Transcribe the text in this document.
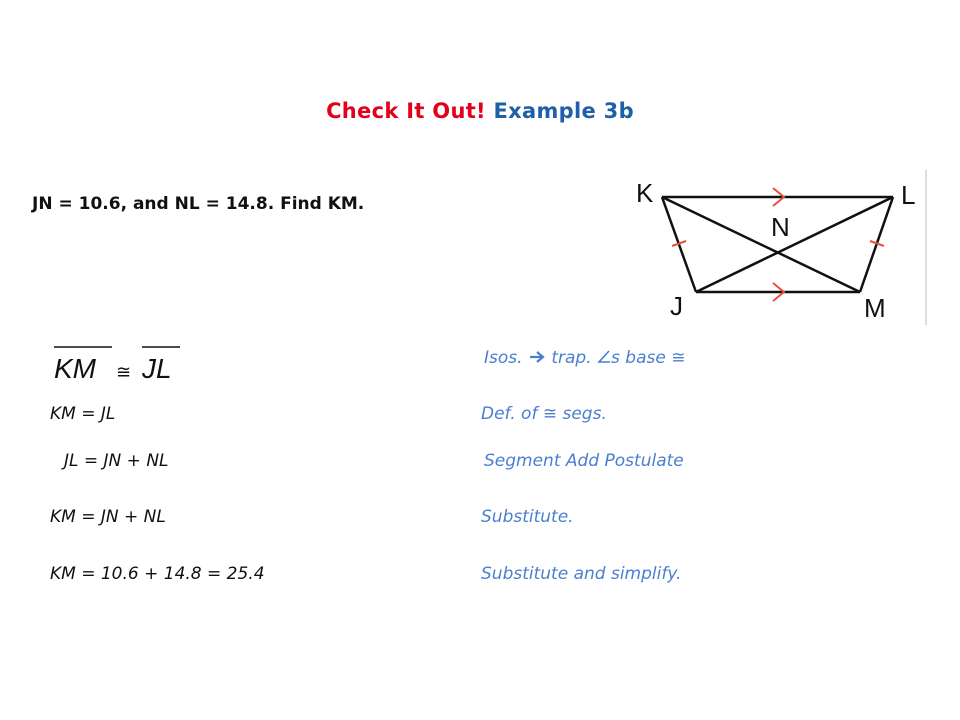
Check It Out! Example 3b
JN = 10.6, and NL = 14.8. Find KM.	K	L
N
J	M
KM ≅ JL	Isos. trap. s base ≅
KM = JL	Def. of ≅ segs.
JL = JN + NL	Segment Add Postulate
KM = JN + NL	Substitute.
KM = 10.6 + 14.8 = 25.4	Substitute and simplify.
